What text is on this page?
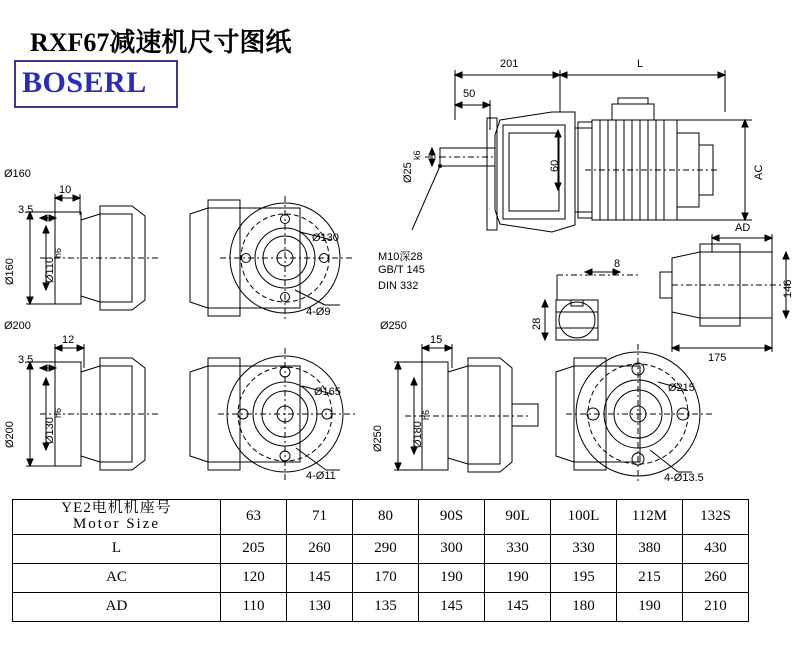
RXF67减速机尺寸图纸
BOSERL
201	L
50
Ø25
k6
60	AC
M10深28
GB/T 145
DIN 332
8
28
AD
146
175
Ø160
10
3.5
Ø160	Ø110
h6
Ø130
4-Ø9
Ø200
12
3.5
Ø200	Ø130
h6
Ø165
4-Ø11
Ø250
15
Ø250	Ø180
h6
Ø215
4-Ø13.5
YE2电机机座号
Motor Size	63	71	80	90S	90L	100L	112M	132S
L	205	260	290	300	330	330	380	430
AC	120	145	170	190	190	195	215	260
AD	110	130	135	145	145	180	190	210
